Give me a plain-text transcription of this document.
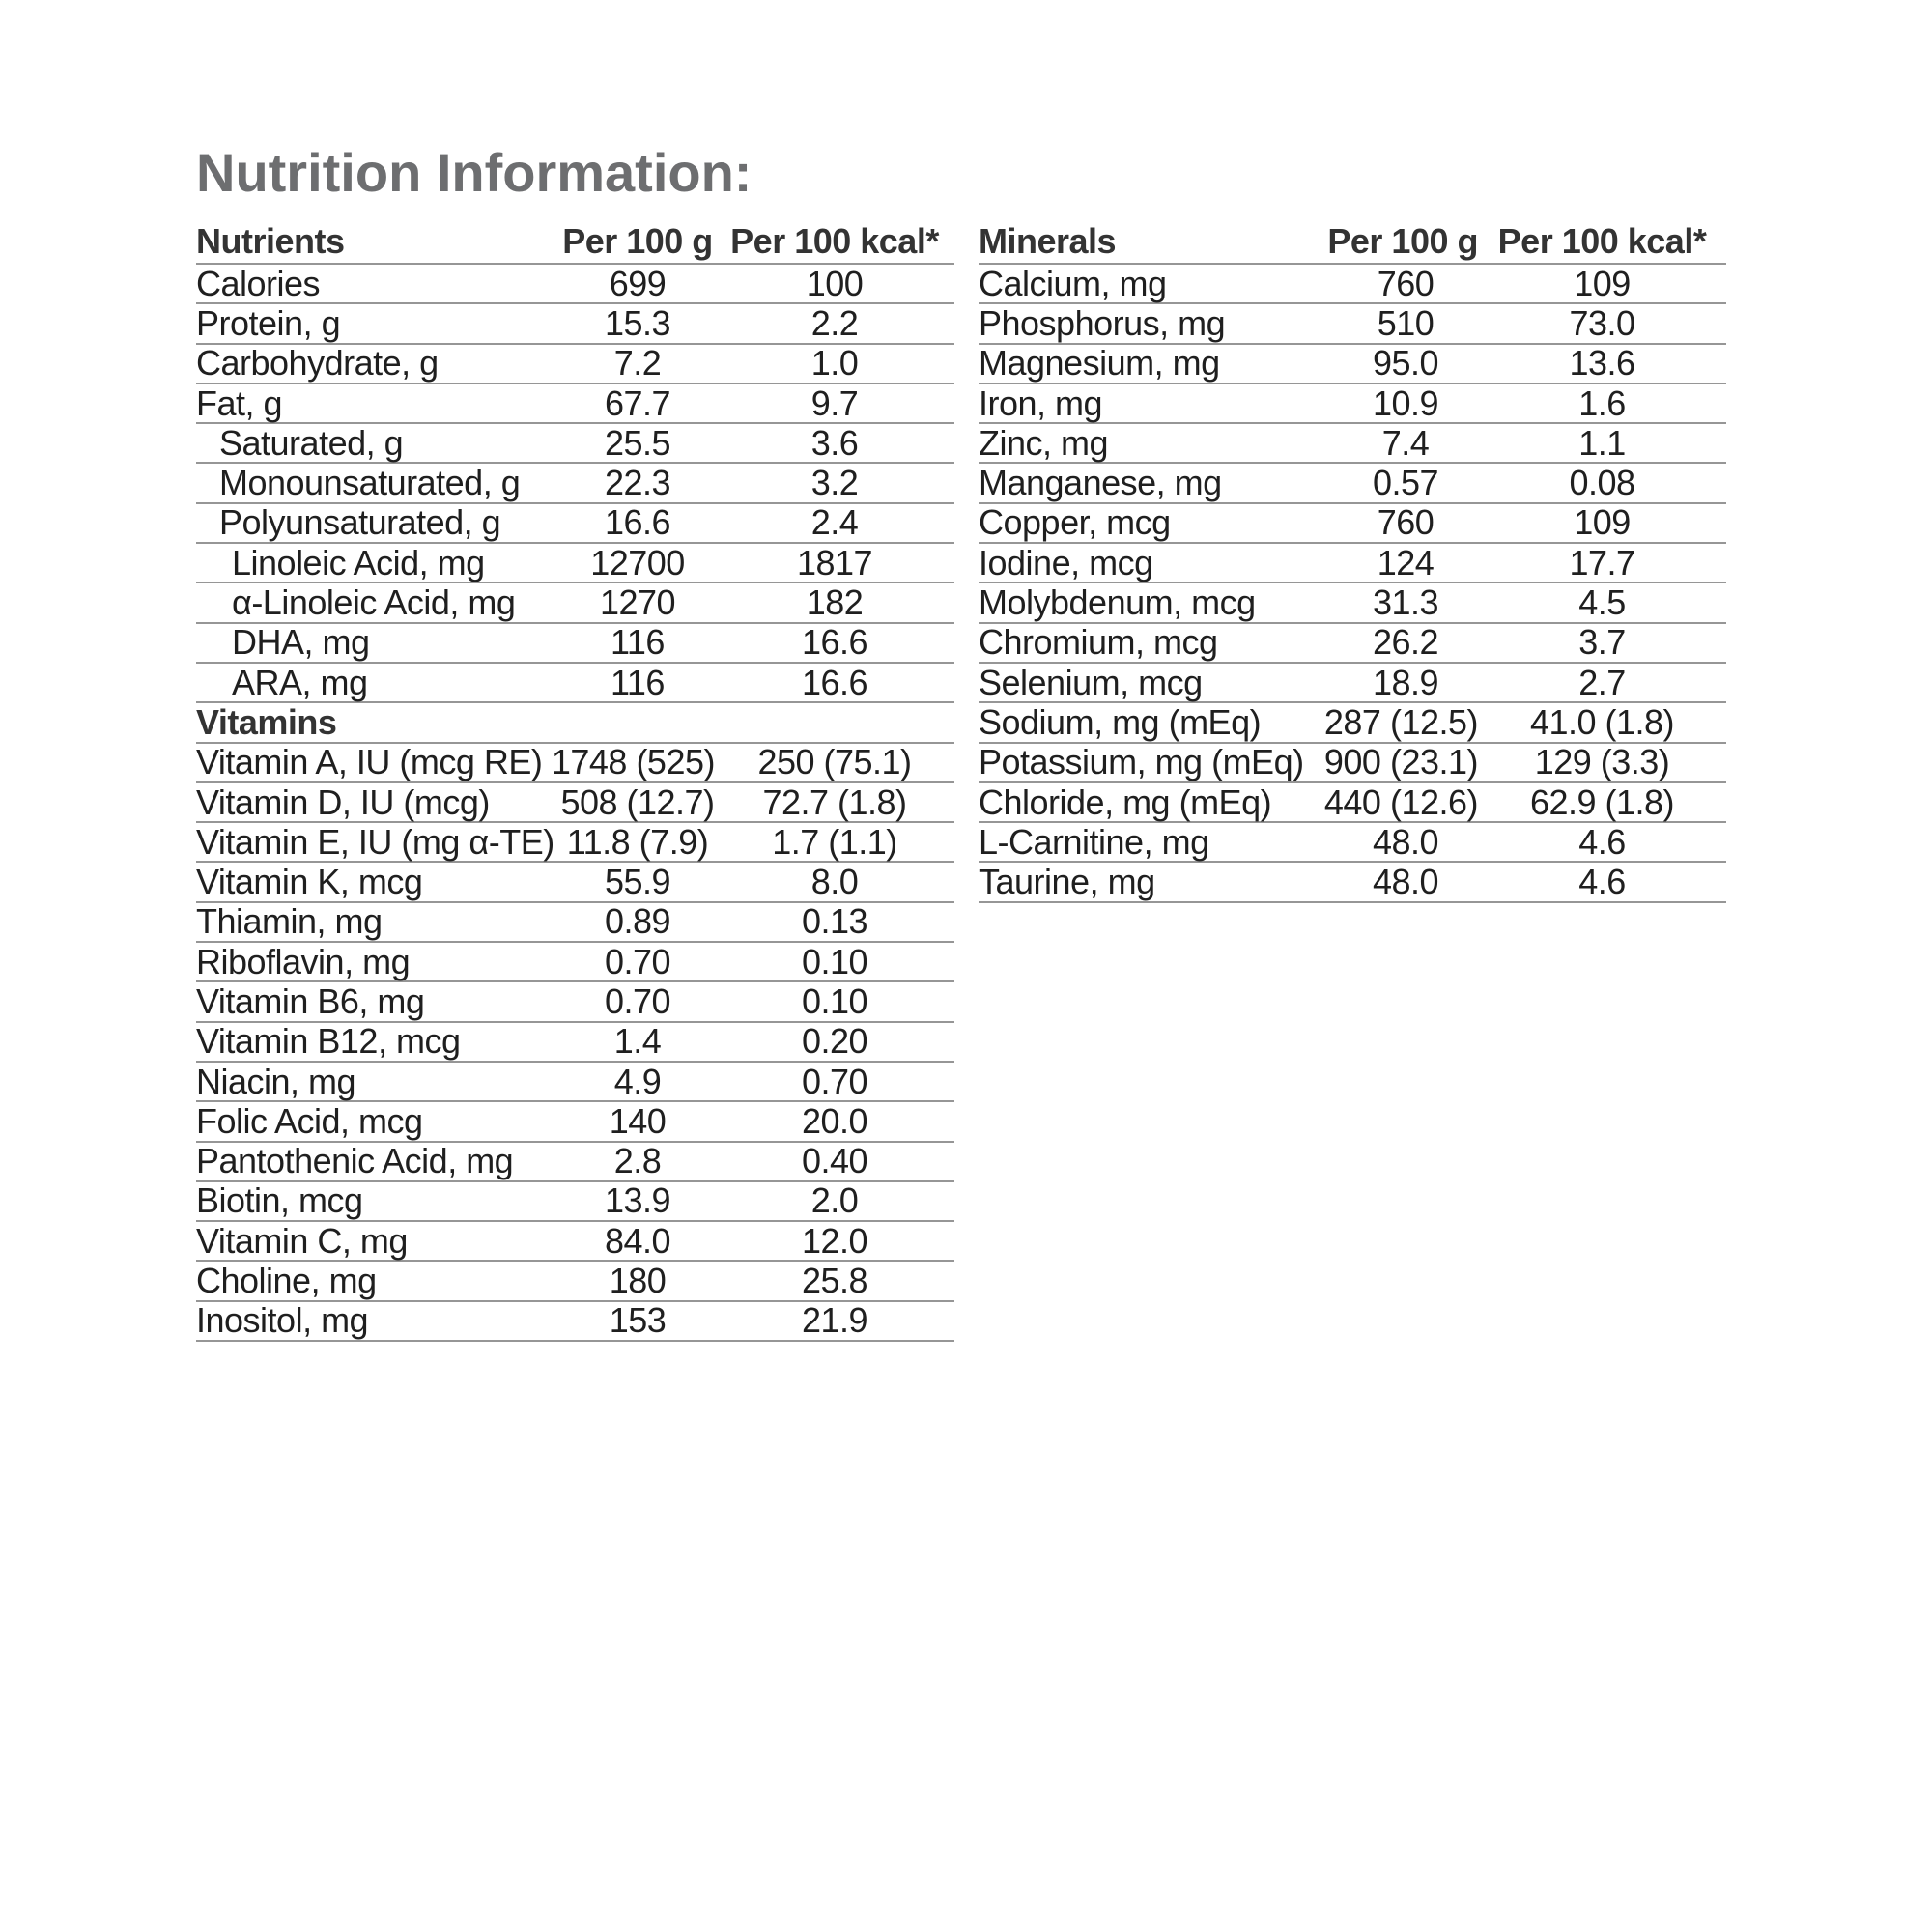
Nutrition Information:
Nutrients	Per 100 g Per 100 kcal*
Calories	699	100
Protein, g	15.3	2.2
Carbohydrate, g	7.2	1.0
Fat, g	67.7	9.7
Saturated, g	25.5	3.6
Monounsaturated, g	22.3	3.2
Polyunsaturated, g	16.6	2.4
Linoleic Acid, mg	12700	1817
α-Linoleic Acid, mg	1270	182
DHA, mg	116	16.6
ARA, mg	116	16.6
Vitamins
Vitamin A, IU (mcg RE) 1748 (525)	250 (75.1)
Vitamin D, IU (mcg)	508 (12.7)	72.7 (1.8)
Vitamin E, IU (mg α-TE) 11.8 (7.9)	1.7 (1.1)
Vitamin K, mcg	55.9	8.0
Thiamin, mg	0.89	0.13
Riboflavin, mg	0.70	0.10
Vitamin B6, mg	0.70	0.10
Vitamin B12, mcg	1.4	0.20
Niacin, mg	4.9	0.70
Folic Acid, mcg	140	20.0
Pantothenic Acid, mg	2.8	0.40
Biotin, mcg	13.9	2.0
Vitamin C, mg	84.0	12.0
Choline, mg	180	25.8
Inositol, mg	153	21.9
Minerals	Per 100 g Per 100 kcal*
Calcium, mg	760	109
Phosphorus, mg	510	73.0
Magnesium, mg	95.0	13.6
Iron, mg	10.9	1.6
Zinc, mg	7.4	1.1
Manganese, mg	0.57	0.08
Copper, mcg	760	109
Iodine, mcg	124	17.7
Molybdenum, mcg	31.3	4.5
Chromium, mcg	26.2	3.7
Selenium, mcg	18.9	2.7
Sodium, mg (mEq)	287 (12.5)	41.0 (1.8)
Potassium, mg (mEq) 900 (23.1)	129 (3.3)
Chloride, mg (mEq)	440 (12.6)	62.9 (1.8)
L-Carnitine, mg	48.0	4.6
Taurine, mg	48.0	4.6
